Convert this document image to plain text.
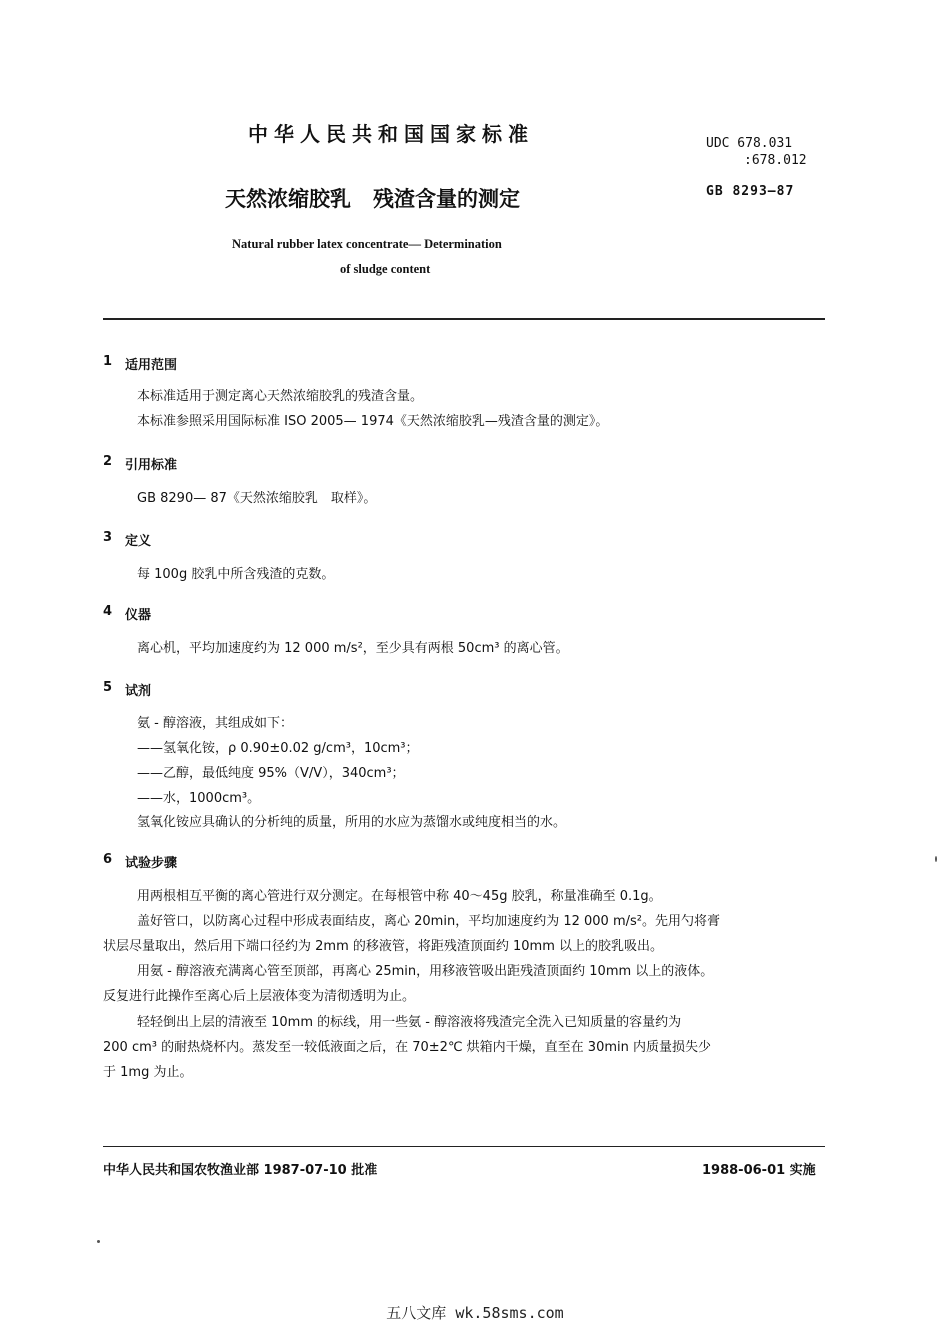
中华人民共和国国家标准	UDC 678.031
:678.012
天然浓缩胶乳 残渣含量的测定	GB 8293—87
Natural rubber latex concentrate— Determination
of sludge content
1 适用范围
本标准适用于测定离心天然浓缩胶乳的残渣含量。
本标准参照采用国际标准 ISO 2005— 1974《天然浓缩胶乳—残渣含量的测定》。
2 引用标准
GB 8290— 87《天然浓缩胶乳　取样》。
3 定义
每 100g 胶乳中所含残渣的克数。
4 仪器
离心机，平均加速度约为 12 000 m/s²，至少具有两根 50cm³ 的离心管。
5 试剂
氨 - 醇溶液，其组成如下：
——氢氧化铵，ρ 0.90±0.02 g/cm³，10cm³；
——乙醇，最低纯度 95%（V/V），340cm³；
——水，1000cm³。
氢氧化铵应具确认的分析纯的质量，所用的水应为蒸馏水或纯度相当的水。
6 试验步骤
用两根相互平衡的离心管进行双分测定。在每根管中称 40～45g 胶乳，称量准确至 0.1g。
盖好管口，以防离心过程中形成表面结皮，离心 20min，平均加速度约为 12 000 m/s²。先用勺将膏
状层尽量取出，然后用下端口径约为 2mm 的移液管，将距残渣顶面约 10mm 以上的胶乳吸出。
用氨 - 醇溶液充满离心管至顶部，再离心 25min，用移液管吸出距残渣顶面约 10mm 以上的液体。
反复进行此操作至离心后上层液体变为清彻透明为止。
轻轻倒出上层的清液至 10mm 的标线，用一些氨 - 醇溶液将残渣完全洗入已知质量的容量约为
200 cm³ 的耐热烧杯内。蒸发至一较低液面之后，在 70±2℃ 烘箱内干燥，直至在 30min 内质量损失少
于 1mg 为止。
中华人民共和国农牧渔业部 1987-07-10 批准	1988-06-01 实施
五八文库 wk.58sms.com
